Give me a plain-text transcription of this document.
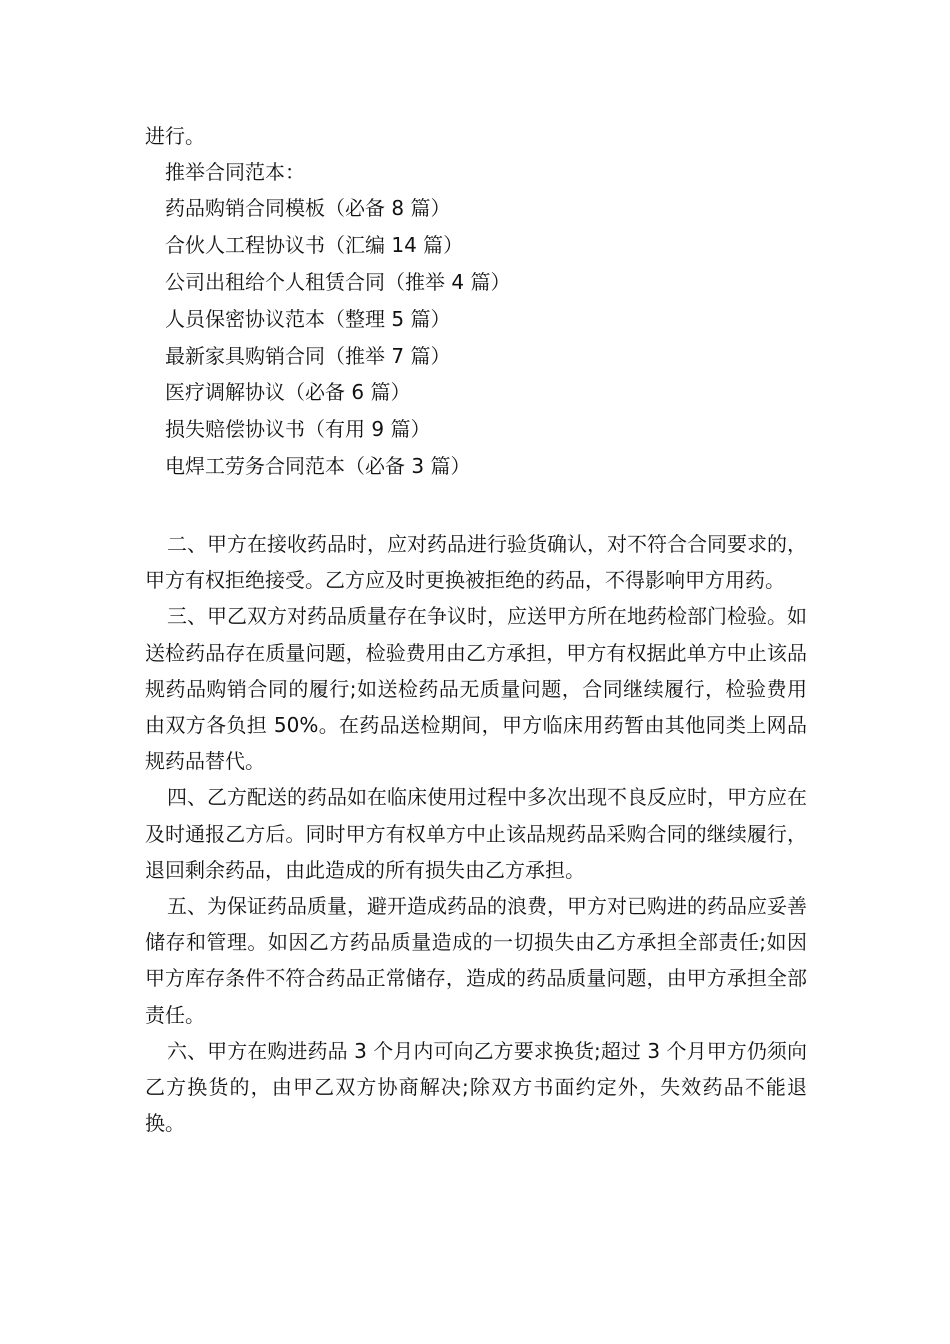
进行。

推举合同范本：

药品购销合同模板（必备 8 篇）
合伙人工程协议书（汇编 14 篇）
公司出租给个人租赁合同（推举 4 篇）
人员保密协议范本（整理 5 篇）
最新家具购销合同（推举 7 篇）
医疗调解协议（必备 6 篇）
损失赔偿协议书（有用 9 篇）
电焊工劳务合同范本（必备 3 篇）

二、甲方在接收药品时，应对药品进行验货确认，对不符合合同要求的，甲方有权拒绝接受。乙方应及时更换被拒绝的药品，不得影响甲方用药。

三、甲乙双方对药品质量存在争议时，应送甲方所在地药检部门检验。如送检药品存在质量问题，检验费用由乙方承担，甲方有权据此单方中止该品规药品购销合同的履行;如送检药品无质量问题，合同继续履行，检验费用由双方各负担 50%。在药品送检期间，甲方临床用药暂由其他同类上网品规药品替代。

四、乙方配送的药品如在临床使用过程中多次出现不良反应时，甲方应在及时通报乙方后。同时甲方有权单方中止该品规药品采购合同的继续履行，退回剩余药品，由此造成的所有损失由乙方承担。

五、为保证药品质量，避开造成药品的浪费，甲方对已购进的药品应妥善储存和管理。如因乙方药品质量造成的一切损失由乙方承担全部责任;如因甲方库存条件不符合药品正常储存，造成的药品质量问题，由甲方承担全部责任。

六、甲方在购进药品 3 个月内可向乙方要求换货;超过 3 个月甲方仍须向乙方换货的，由甲乙双方协商解决;除双方书面约定外，失效药品不能退换。
